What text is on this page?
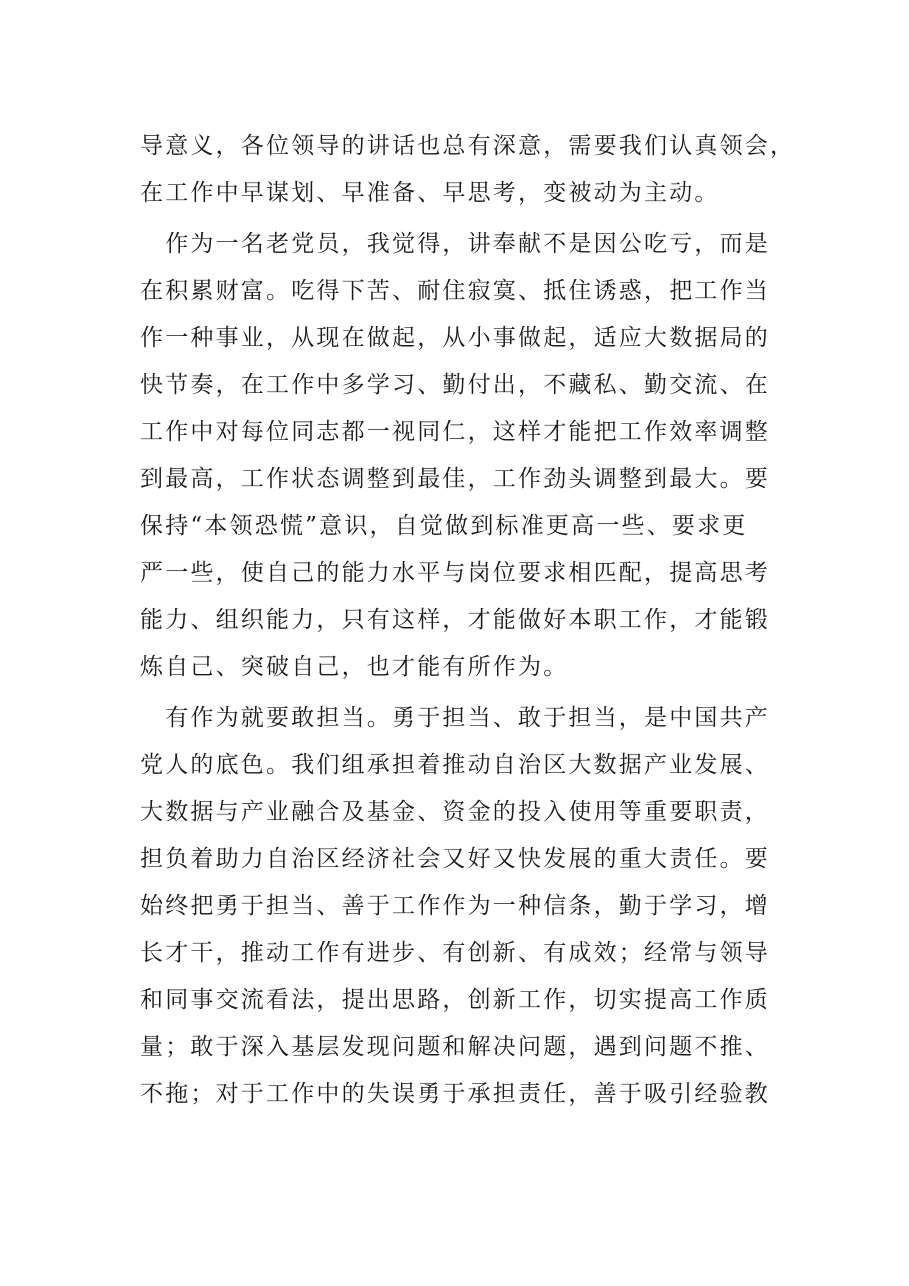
导意义，各位领导的讲话也总有深意，需要我们认真领会，
在工作中早谋划、早准备、早思考，变被动为主动。
　作为一名老党员，我觉得，讲奉献不是因公吃亏，而是
在积累财富。吃得下苦、耐住寂寞、抵住诱惑，把工作当
作一种事业，从现在做起，从小事做起，适应大数据局的
快节奏，在工作中多学习、勤付出，不藏私、勤交流、在
工作中对每位同志都一视同仁，这样才能把工作效率调整
到最高，工作状态调整到最佳，工作劲头调整到最大。要
保持“本领恐慌”意识，自觉做到标准更高一些、要求更
严一些，使自己的能力水平与岗位要求相匹配，提高思考
能力、组织能力，只有这样，才能做好本职工作，才能锻
炼自己、突破自己，也才能有所作为。
　有作为就要敢担当。勇于担当、敢于担当，是中国共产
党人的底色。我们组承担着推动自治区大数据产业发展、
大数据与产业融合及基金、资金的投入使用等重要职责，
担负着助力自治区经济社会又好又快发展的重大责任。要
始终把勇于担当、善于工作作为一种信条，勤于学习，增
长才干，推动工作有进步、有创新、有成效；经常与领导
和同事交流看法，提出思路，创新工作，切实提高工作质
量；敢于深入基层发现问题和解决问题，遇到问题不推、
不拖；对于工作中的失误勇于承担责任，善于吸引经验教
